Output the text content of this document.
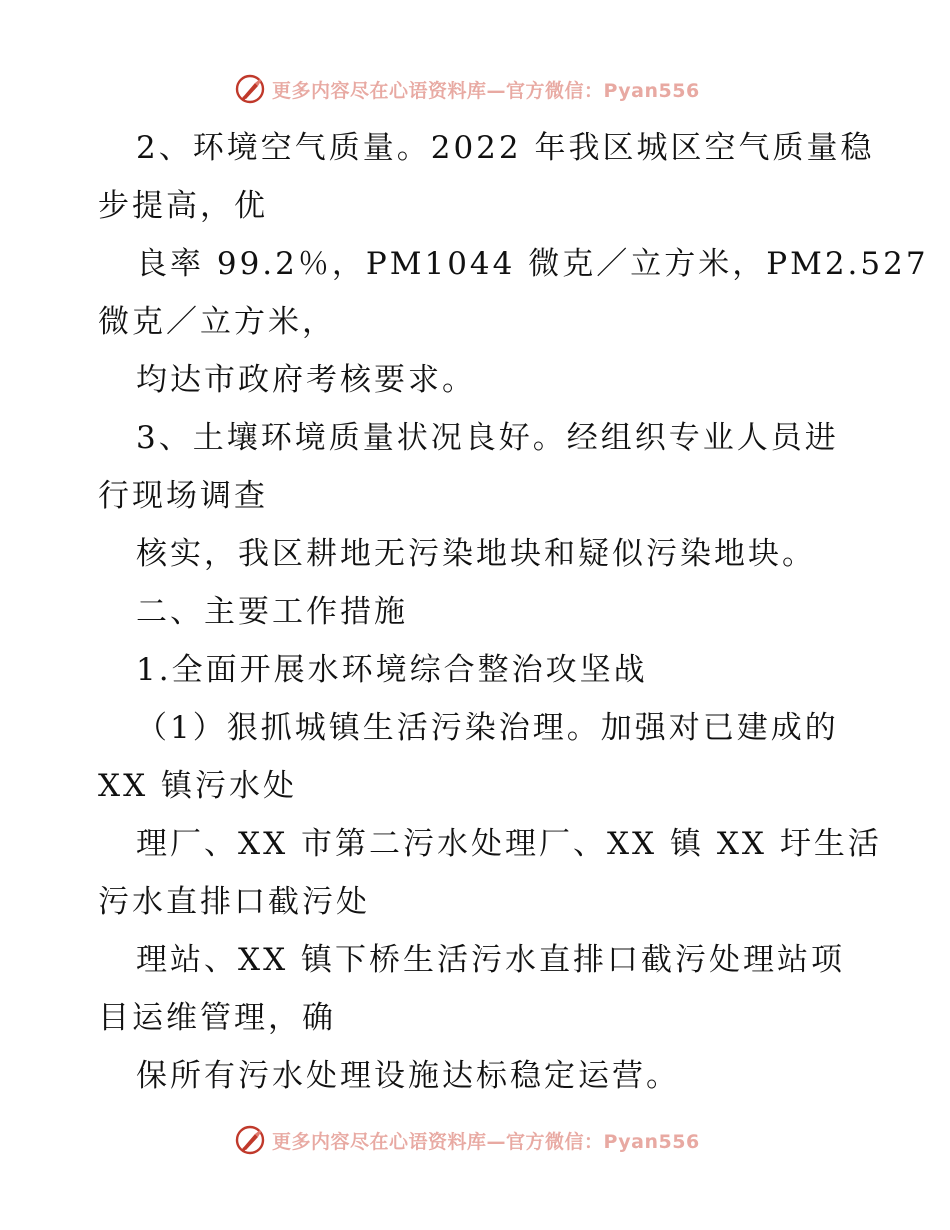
更多内容尽在心语资料库—官方微信：Pyan556

2、环境空气质量。2022 年我区城区空气质量稳

步提高，优

良率 99.2％，PM1044 微克／立方米，PM2.527

微克／立方米，

均达市政府考核要求。

3、土壤环境质量状况良好。经组织专业人员进

行现场调查

核实，我区耕地无污染地块和疑似污染地块。

二、主要工作措施

1.全面开展水环境综合整治攻坚战

（1）狠抓城镇生活污染治理。加强对已建成的

XX 镇污水处

理厂、XX 市第二污水处理厂、XX 镇 XX 圩生活

污水直排口截污处

理站、XX 镇下桥生活污水直排口截污处理站项

目运维管理，确

保所有污水处理设施达标稳定运营。

更多内容尽在心语资料库—官方微信：Pyan556
